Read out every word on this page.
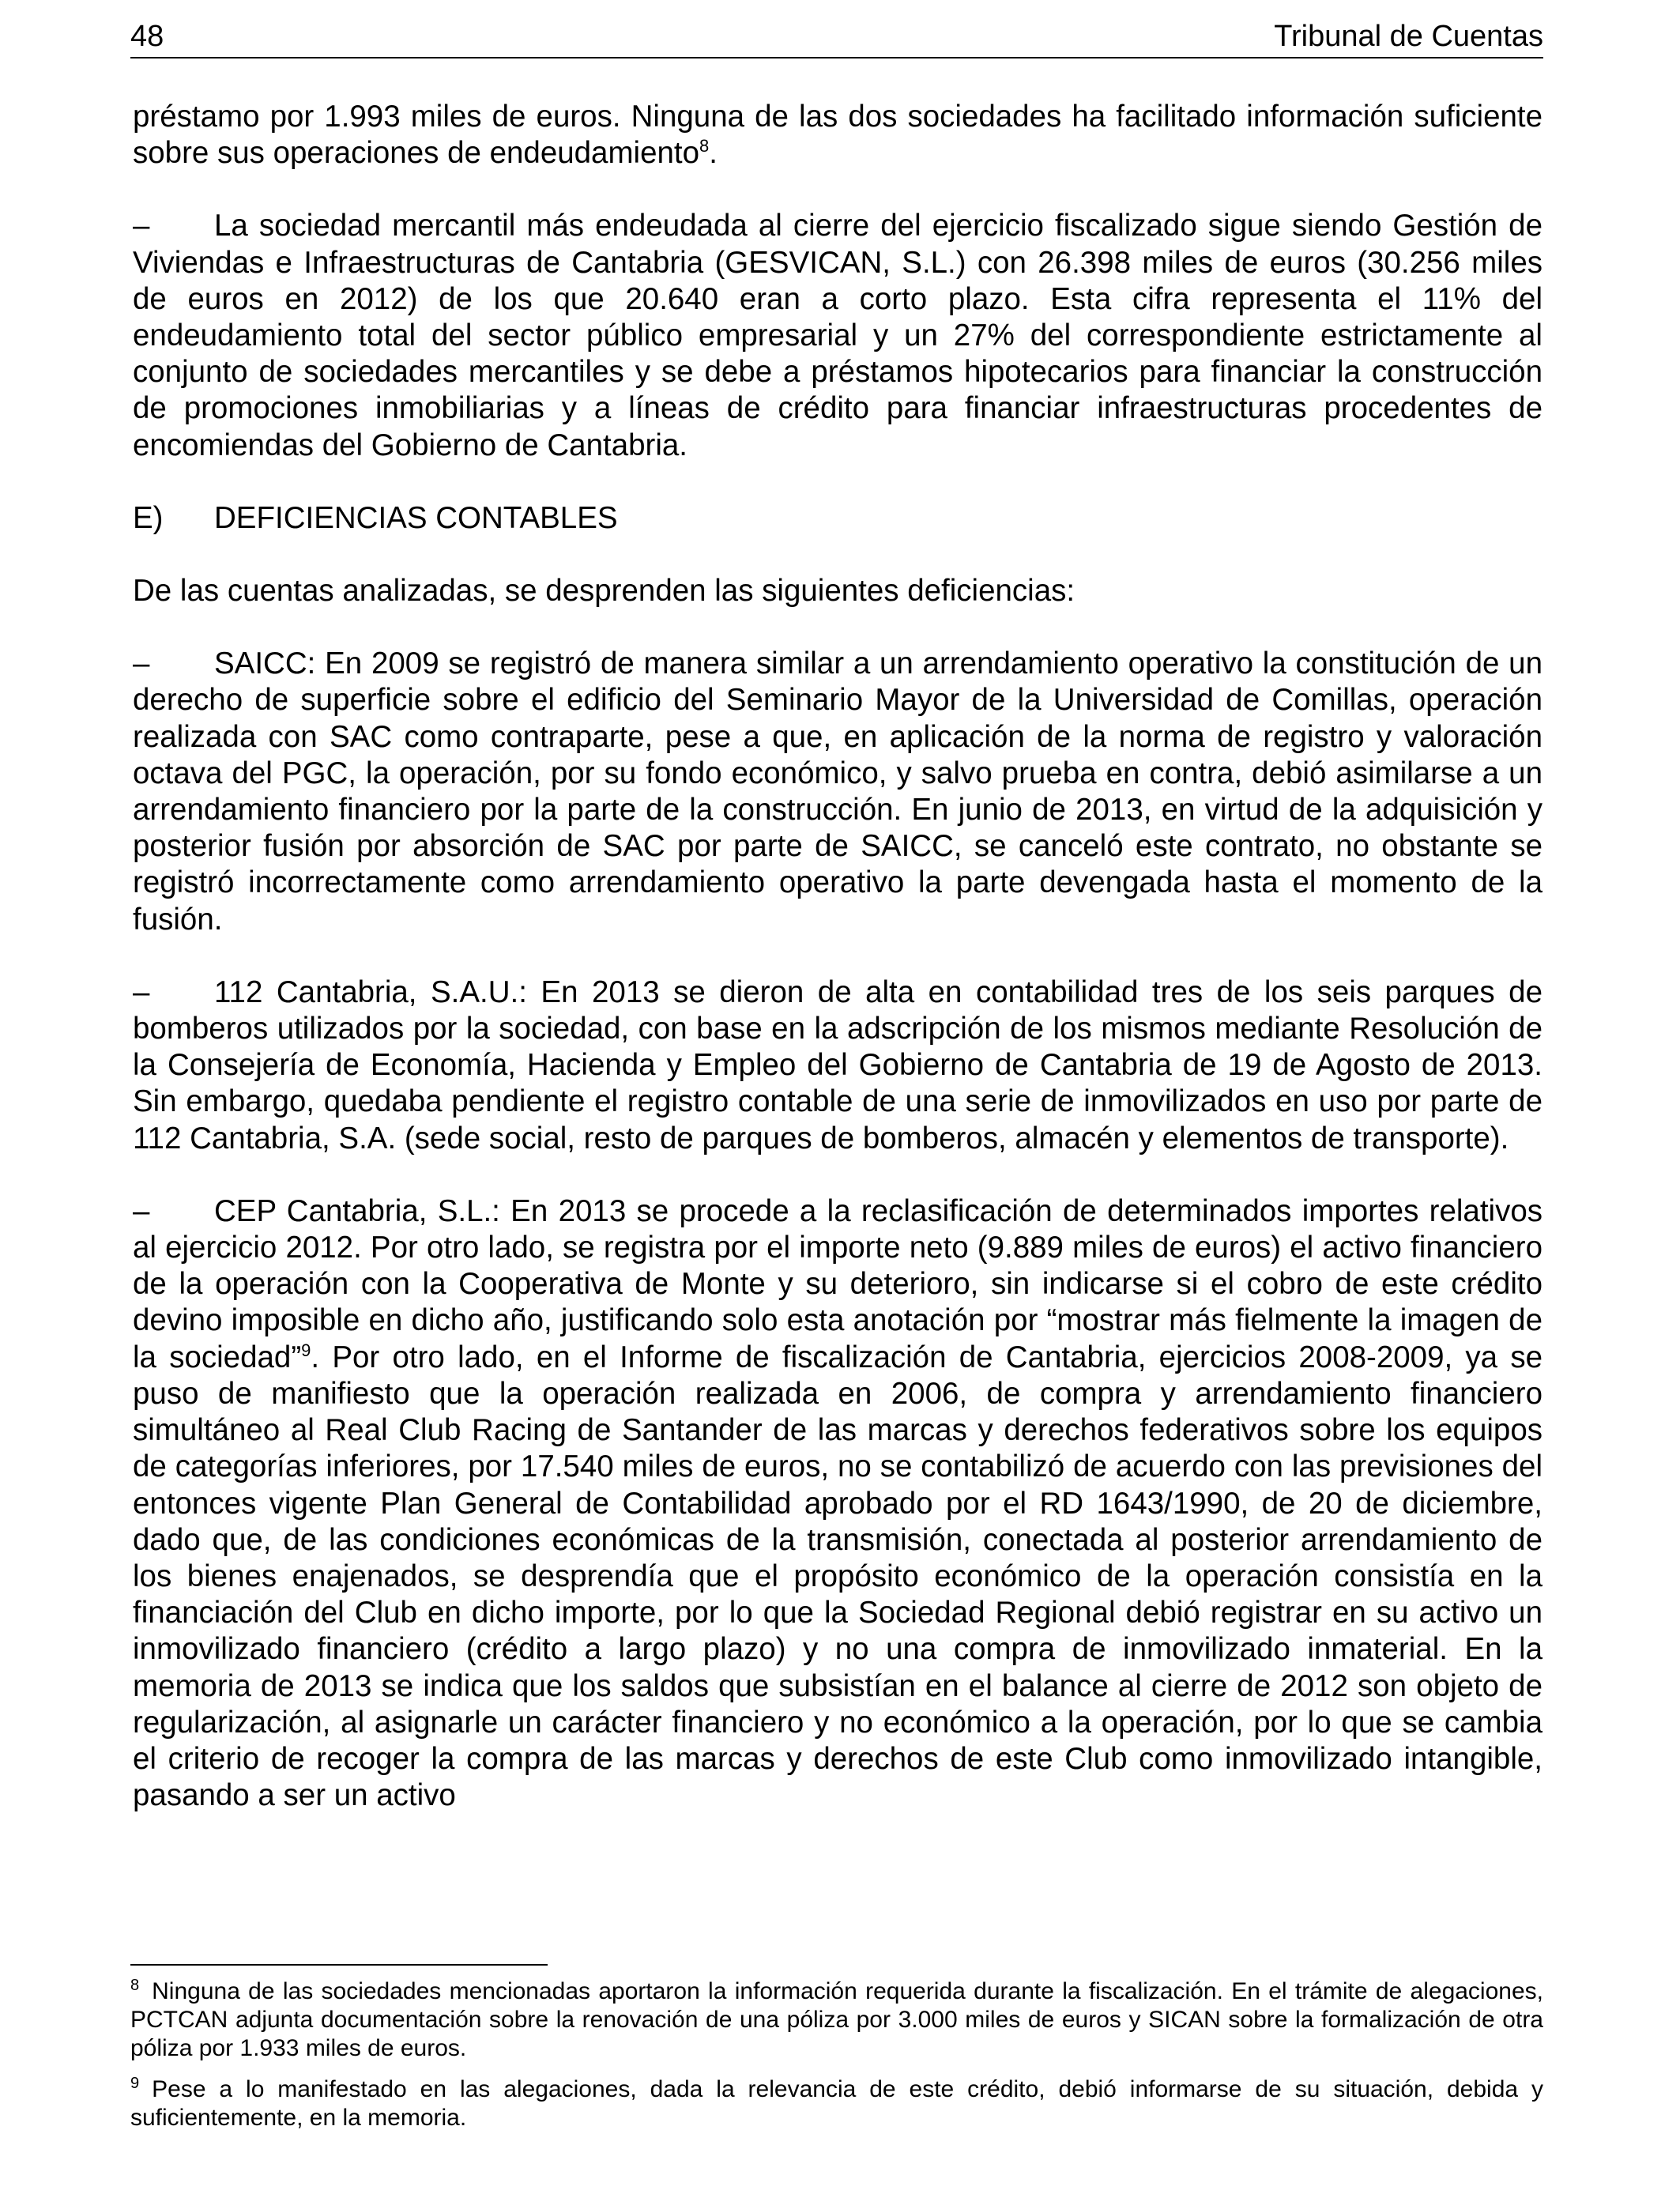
48	Tribunal de Cuentas

préstamo por 1.993 miles de euros. Ninguna de las dos sociedades ha facilitado información suficiente sobre sus operaciones de endeudamiento$^8$.

– La sociedad mercantil más endeudada al cierre del ejercicio fiscalizado sigue siendo Gestión de Viviendas e Infraestructuras de Cantabria (GESVICAN, S.L.) con 26.398 miles de euros (30.256 miles de euros en 2012) de los que 20.640 eran a corto plazo. Esta cifra representa el 11% del endeudamiento total del sector público empresarial y un 27% del correspondiente estrictamente al conjunto de sociedades mercantiles y se debe a préstamos hipotecarios para financiar la construcción de promociones inmobiliarias y a líneas de crédito para financiar infraestructuras procedentes de encomiendas del Gobierno de Cantabria.

E) DEFICIENCIAS CONTABLES

De las cuentas analizadas, se desprenden las siguientes deficiencias:

– SAICC: En 2009 se registró de manera similar a un arrendamiento operativo la constitución de un derecho de superficie sobre el edificio del Seminario Mayor de la Universidad de Comillas, operación realizada con SAC como contraparte, pese a que, en aplicación de la norma de registro y valoración octava del PGC, la operación, por su fondo económico, y salvo prueba en contra, debió asimilarse a un arrendamiento financiero por la parte de la construcción. En junio de 2013, en virtud de la adquisición y posterior fusión por absorción de SAC por parte de SAICC, se canceló este contrato, no obstante se registró incorrectamente como arrendamiento operativo la parte devengada hasta el momento de la fusión.

– 112 Cantabria, S.A.U.: En 2013 se dieron de alta en contabilidad tres de los seis parques de bomberos utilizados por la sociedad, con base en la adscripción de los mismos mediante Resolución de la Consejería de Economía, Hacienda y Empleo del Gobierno de Cantabria de 19 de Agosto de 2013. Sin embargo, quedaba pendiente el registro contable de una serie de inmovilizados en uso por parte de 112 Cantabria, S.A. (sede social, resto de parques de bomberos, almacén y elementos de transporte).

– CEP Cantabria, S.L.: En 2013 se procede a la reclasificación de determinados importes relativos al ejercicio 2012. Por otro lado, se registra por el importe neto (9.889 miles de euros) el activo financiero de la operación con la Cooperativa de Monte y su deterioro, sin indicarse si el cobro de este crédito devino imposible en dicho año, justificando solo esta anotación por “mostrar más fielmente la imagen de la sociedad”$^9$. Por otro lado, en el Informe de fiscalización de Cantabria, ejercicios 2008-2009, ya se puso de manifiesto que la operación realizada en 2006, de compra y arrendamiento financiero simultáneo al Real Club Racing de Santander de las marcas y derechos federativos sobre los equipos de categorías inferiores, por 17.540 miles de euros, no se contabilizó de acuerdo con las previsiones del entonces vigente Plan General de Contabilidad aprobado por el RD 1643/1990, de 20 de diciembre, dado que, de las condiciones económicas de la transmisión, conectada al posterior arrendamiento de los bienes enajenados, se desprendía que el propósito económico de la operación consistía en la financiación del Club en dicho importe, por lo que la Sociedad Regional debió registrar en su activo un inmovilizado financiero (crédito a largo plazo) y no una compra de inmovilizado inmaterial. En la memoria de 2013 se indica que los saldos que subsistían en el balance al cierre de 2012 son objeto de regularización, al asignarle un carácter financiero y no económico a la operación, por lo que se cambia el criterio de recoger la compra de las marcas y derechos de este Club como inmovilizado intangible, pasando a ser un activo

$^8$ Ninguna de las sociedades mencionadas aportaron la información requerida durante la fiscalización. En el trámite de alegaciones, PCTCAN adjunta documentación sobre la renovación de una póliza por 3.000 miles de euros y SICAN sobre la formalización de otra póliza por 1.933 miles de euros.

$^9$ Pese a lo manifestado en las alegaciones, dada la relevancia de este crédito, debió informarse de su situación, debida y suficientemente, en la memoria.
